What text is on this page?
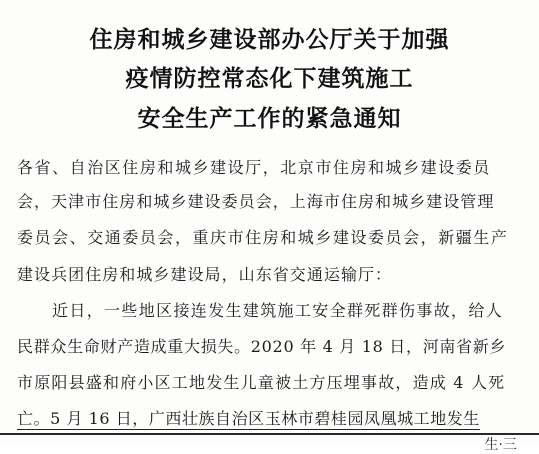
住房和城乡建设部办公厅关于加强
疫情防控常态化下建筑施工
安全生产工作的紧急通知
各省、自治区住房和城乡建设厅，北京市住房和城乡建设委员
会，天津市住房和城乡建设委员会，上海市住房和城乡建设管理
委员会、交通委员会，重庆市住房和城乡建设委员会，新疆生产
建设兵团住房和城乡建设局，山东省交通运输厅：
近日，一些地区接连发生建筑施工安全群死群伤事故，给人
民群众生命财产造成重大损失。2020 年 4 月 18 日，河南省新乡
市原阳县盛和府小区工地发生儿童被土方压埋事故，造成 4 人死
亡。5 月 16 日，广西壮族自治区玉林市碧桂园凤凰城工地发生
生·三
